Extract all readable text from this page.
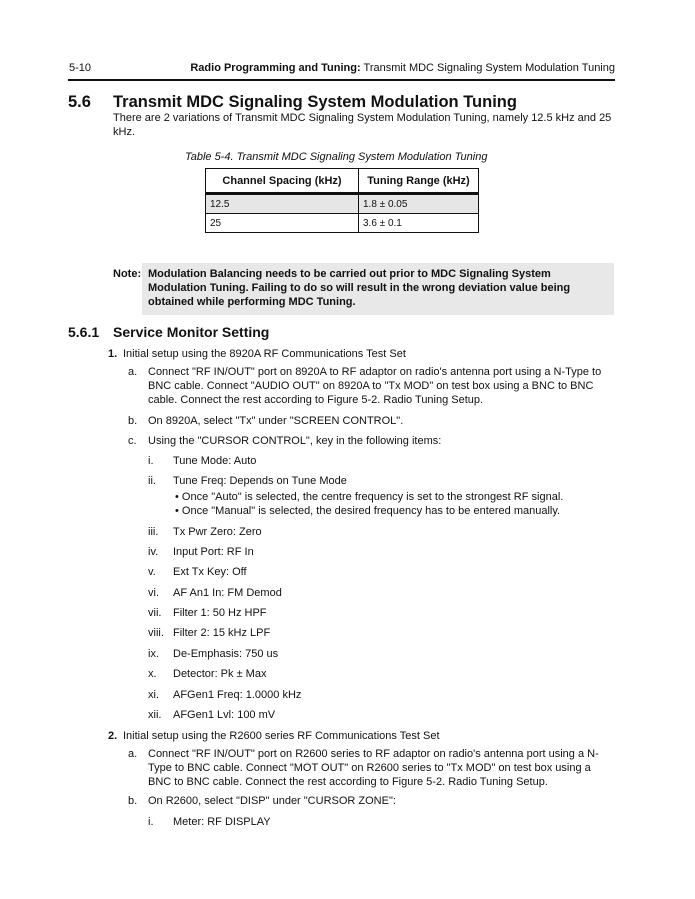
5-10	Radio Programming and Tuning: Transmit MDC Signaling System Modulation Tuning
5.6 Transmit MDC Signaling System Modulation Tuning
There are 2 variations of Transmit MDC Signaling System Modulation Tuning, namely 12.5 kHz and 25 kHz.
Table 5-4. Transmit MDC Signaling System Modulation Tuning
Channel Spacing (kHz)	Tuning Range (kHz)
12.5	1.8 ± 0.05
25	3.6 ± 0.1
Note: Modulation Balancing needs to be carried out prior to MDC Signaling System Modulation Tuning. Failing to do so will result in the wrong deviation value being obtained while performing MDC Tuning.
5.6.1 Service Monitor Setting
1. Initial setup using the 8920A RF Communications Test Set
a. Connect "RF IN/OUT" port on 8920A to RF adaptor on radio's antenna port using a N-Type to BNC cable. Connect "AUDIO OUT" on 8920A to "Tx MOD" on test box using a BNC to BNC cable. Connect the rest according to Figure 5-2. Radio Tuning Setup.
b. On 8920A, select "Tx" under "SCREEN CONTROL".
c. Using the "CURSOR CONTROL", key in the following items:
i. Tune Mode: Auto
ii. Tune Freq: Depends on Tune Mode
iii. Tx Pwr Zero: Zero
iv. Input Port: RF In
v. Ext Tx Key: Off
vi. AF An1 In: FM Demod
vii. Filter 1: 50 Hz HPF
viii. Filter 2: 15 kHz LPF
ix. De-Emphasis: 750 us
x. Detector: Pk ± Max
xi. AFGen1 Freq: 1.0000 kHz
xii. AFGen1 Lvl: 100 mV
• Once "Auto" is selected, the centre frequency is set to the strongest RF signal.
• Once "Manual" is selected, the desired frequency has to be entered manually.
2. Initial setup using the R2600 series RF Communications Test Set
a. Connect "RF IN/OUT" port on R2600 series to RF adaptor on radio's antenna port using a N-Type to BNC cable. Connect "MOT OUT" on R2600 series to "Tx MOD" on test box using a BNC to BNC cable. Connect the rest according to Figure 5-2. Radio Tuning Setup.
b. On R2600, select "DISP" under "CURSOR ZONE":
i. Meter: RF DISPLAY
